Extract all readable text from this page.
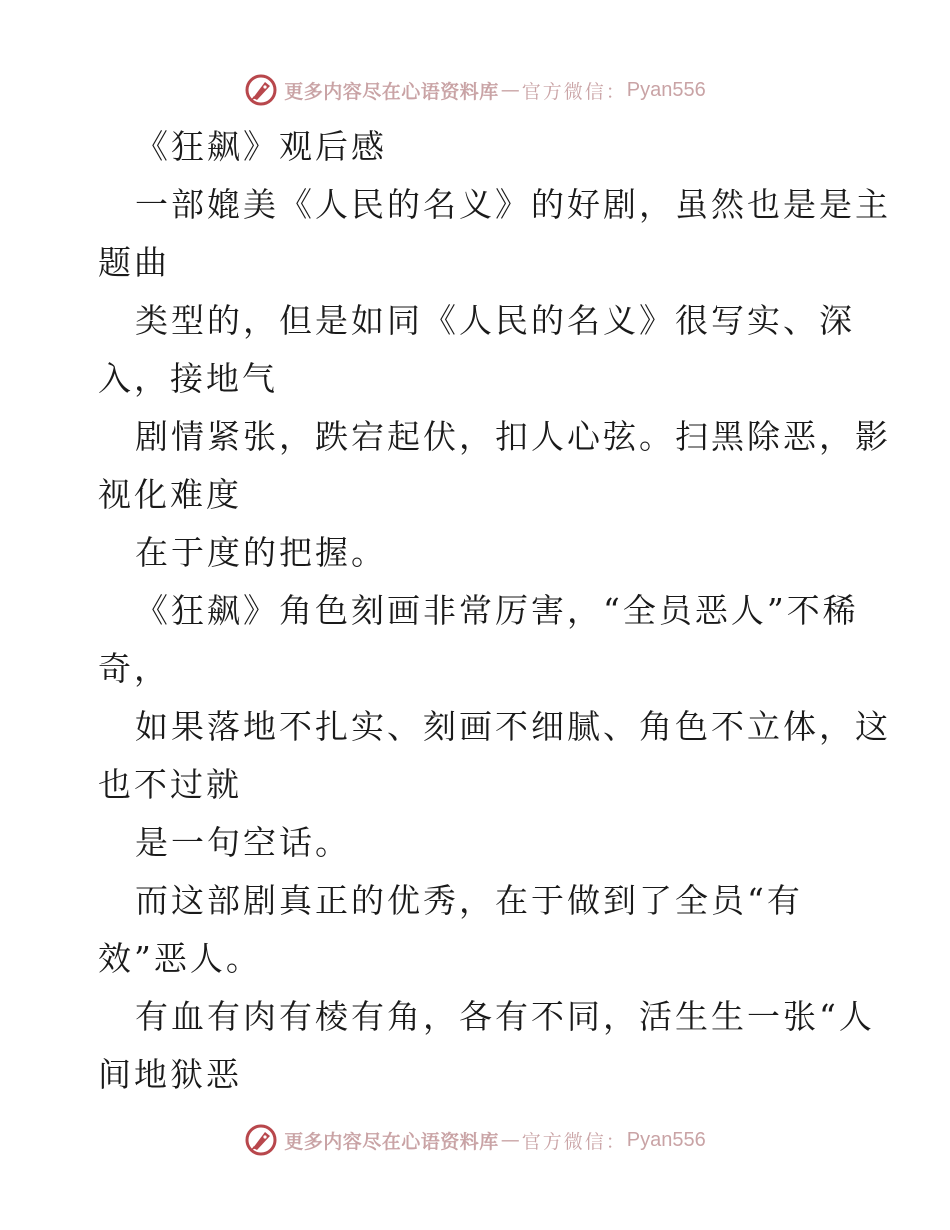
更多内容尽在心语资料库 — 官方微信： Pyan556
《狂飙》观后感
一部媲美《人民的名义》的好剧，虽然也是是主
题曲
类型的，但是如同《人民的名义》很写实、深
入，接地气
剧情紧张，跌宕起伏，扣人心弦。扫黑除恶，影
视化难度
在于度的把握。
《狂飙》角色刻画非常厉害，“全员恶人”不稀
奇，
如果落地不扎实、刻画不细腻、角色不立体，这
也不过就
是一句空话。
而这部剧真正的优秀，在于做到了全员“有
效”恶人。
有血有肉有棱有角，各有不同，活生生一张“人
间地狱恶
更多内容尽在心语资料库 — 官方微信： Pyan556
